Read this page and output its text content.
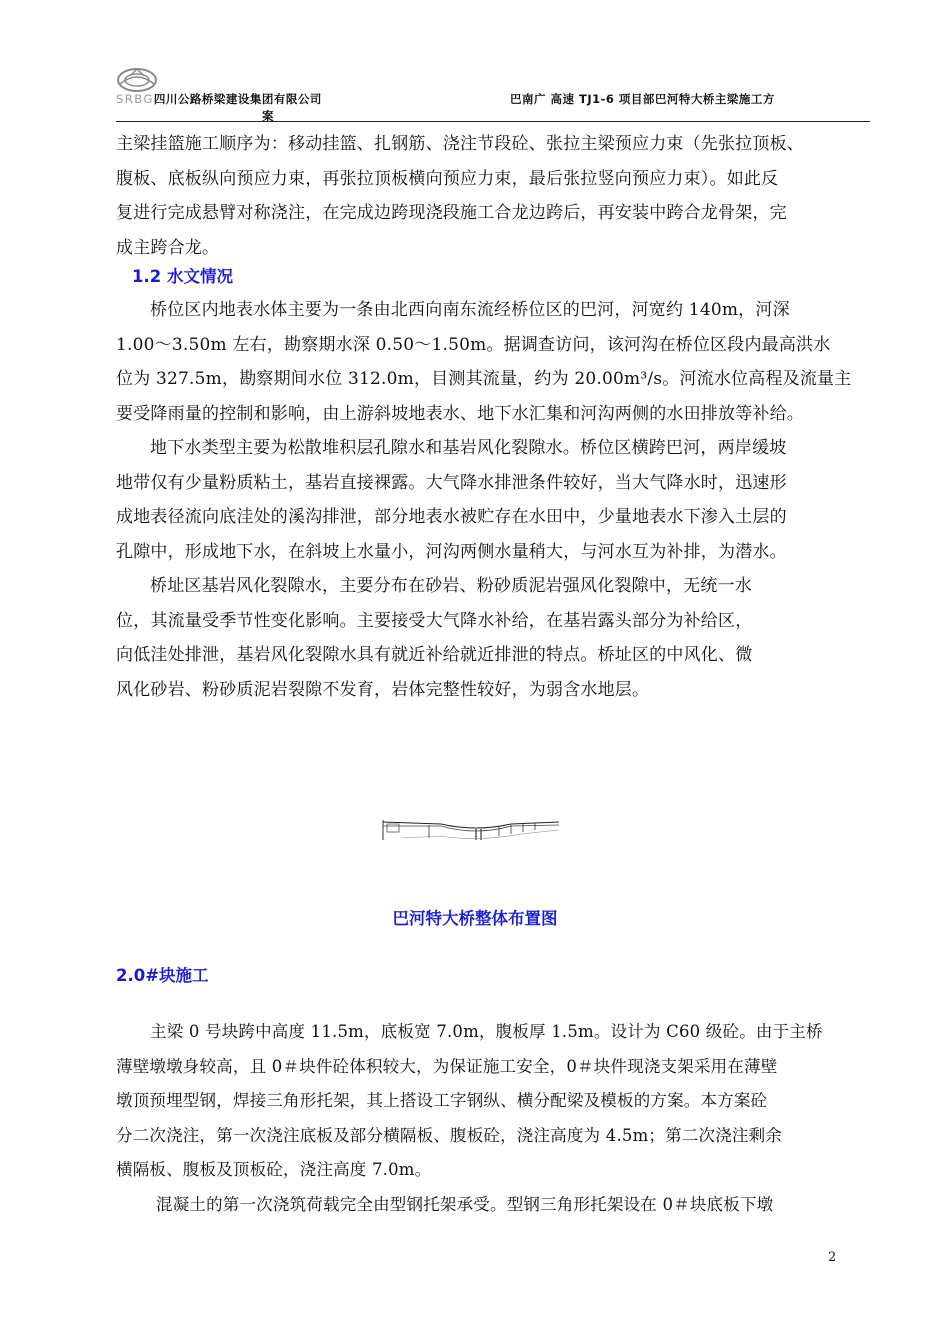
SRBG四川公路桥梁建设集团有限公司	巴南广 高速 TJ1-6 项目部巴河特大桥主梁施工方
案
主梁挂篮施工顺序为：移动挂篮、扎钢筋、浇注节段砼、张拉主梁预应力束（先张拉顶板、
腹板、底板纵向预应力束，再张拉顶板横向预应力束，最后张拉竖向预应力束）。如此反
复进行完成悬臂对称浇注，在完成边跨现浇段施工合龙边跨后，再安装中跨合龙骨架，完
成主跨合龙。
1.2 水文情况
桥位区内地表水体主要为一条由北西向南东流经桥位区的巴河，河宽约 140m，河深
1.00～3.50m 左右，勘察期水深 0.50～1.50m。据调查访问，该河沟在桥位区段内最高洪水
位为 327.5m，勘察期间水位 312.0m，目测其流量，约为 20.00m³/s。河流水位高程及流量主
要受降雨量的控制和影响，由上游斜坡地表水、地下水汇集和河沟两侧的水田排放等补给。
地下水类型主要为松散堆积层孔隙水和基岩风化裂隙水。桥位区横跨巴河，两岸缓坡
地带仅有少量粉质粘土，基岩直接裸露。大气降水排泄条件较好，当大气降水时，迅速形
成地表径流向底洼处的溪沟排泄，部分地表水被贮存在水田中，少量地表水下渗入土层的
孔隙中，形成地下水，在斜坡上水量小，河沟两侧水量稍大，与河水互为补排，为潜水。
桥址区基岩风化裂隙水，主要分布在砂岩、粉砂质泥岩强风化裂隙中，无统一水
位，其流量受季节性变化影响。主要接受大气降水补给，在基岩露头部分为补给区，
向低洼处排泄，基岩风化裂隙水具有就近补给就近排泄的特点。桥址区的中风化、微
风化砂岩、粉砂质泥岩裂隙不发育，岩体完整性较好，为弱含水地层。
巴河特大桥整体布置图
2.0#块施工
主梁 0 号块跨中高度 11.5m，底板宽 7.0m，腹板厚 1.5m。设计为 C60 级砼。由于主桥
薄壁墩墩身较高，且 0＃块件砼体积较大，为保证施工安全，0＃块件现浇支架采用在薄壁
墩顶预埋型钢，焊接三角形托架，其上搭设工字钢纵、横分配梁及模板的方案。本方案砼
分二次浇注，第一次浇注底板及部分横隔板、腹板砼，浇注高度为 4.5m；第二次浇注剩余
横隔板、腹板及顶板砼，浇注高度 7.0m。
混凝土的第一次浇筑荷载完全由型钢托架承受。型钢三角形托架设在 0＃块底板下墩
2
